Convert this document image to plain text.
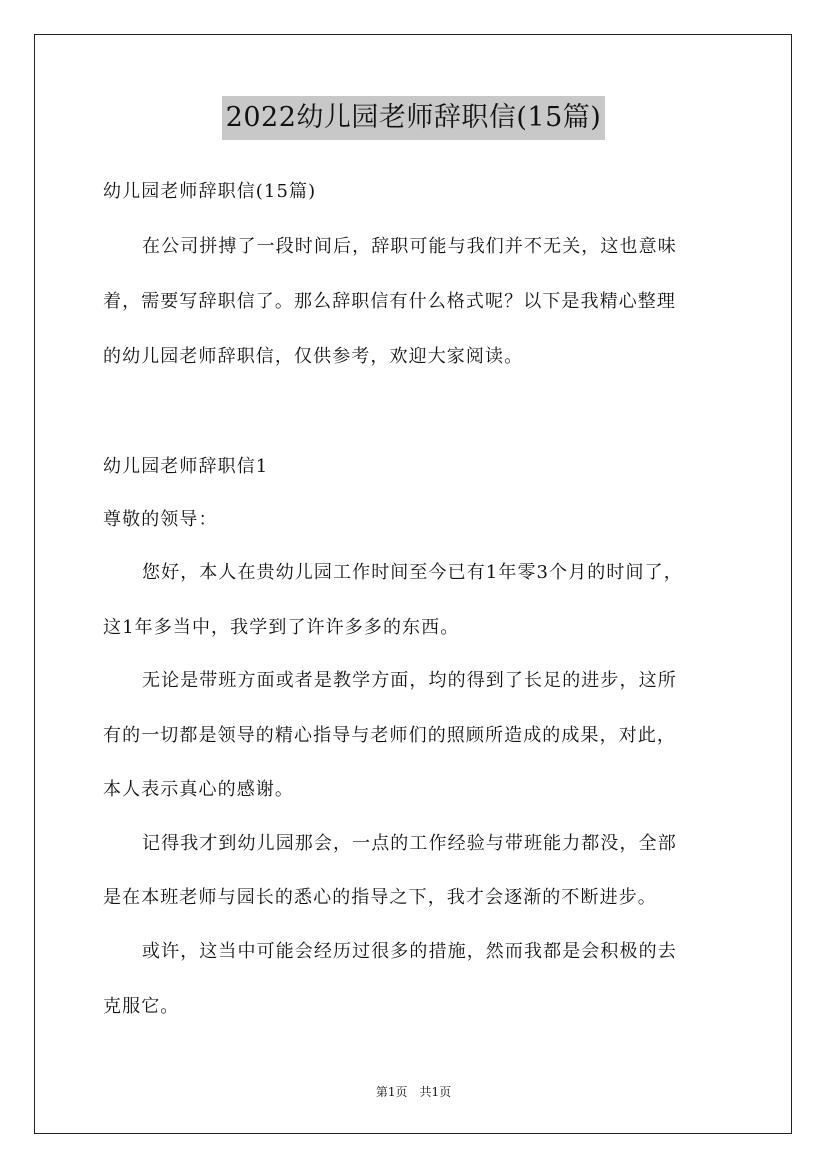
2022幼儿园老师辞职信(15篇)
幼儿园老师辞职信(15篇)
在公司拼搏了一段时间后，辞职可能与我们并不无关，这也意味
着，需要写辞职信了。那么辞职信有什么格式呢？以下是我精心整理
的幼儿园老师辞职信，仅供参考，欢迎大家阅读。
幼儿园老师辞职信1
尊敬的领导：
您好，本人在贵幼儿园工作时间至今已有1年零3个月的时间了，
这1年多当中，我学到了许许多多的东西。
无论是带班方面或者是教学方面，均的得到了长足的进步，这所
有的一切都是领导的精心指导与老师们的照顾所造成的成果，对此，
本人表示真心的感谢。
记得我才到幼儿园那会，一点的工作经验与带班能力都没，全部
是在本班老师与园长的悉心的指导之下，我才会逐渐的不断进步。
或许，这当中可能会经历过很多的措施，然而我都是会积极的去
克服它。
第1页　共1页
